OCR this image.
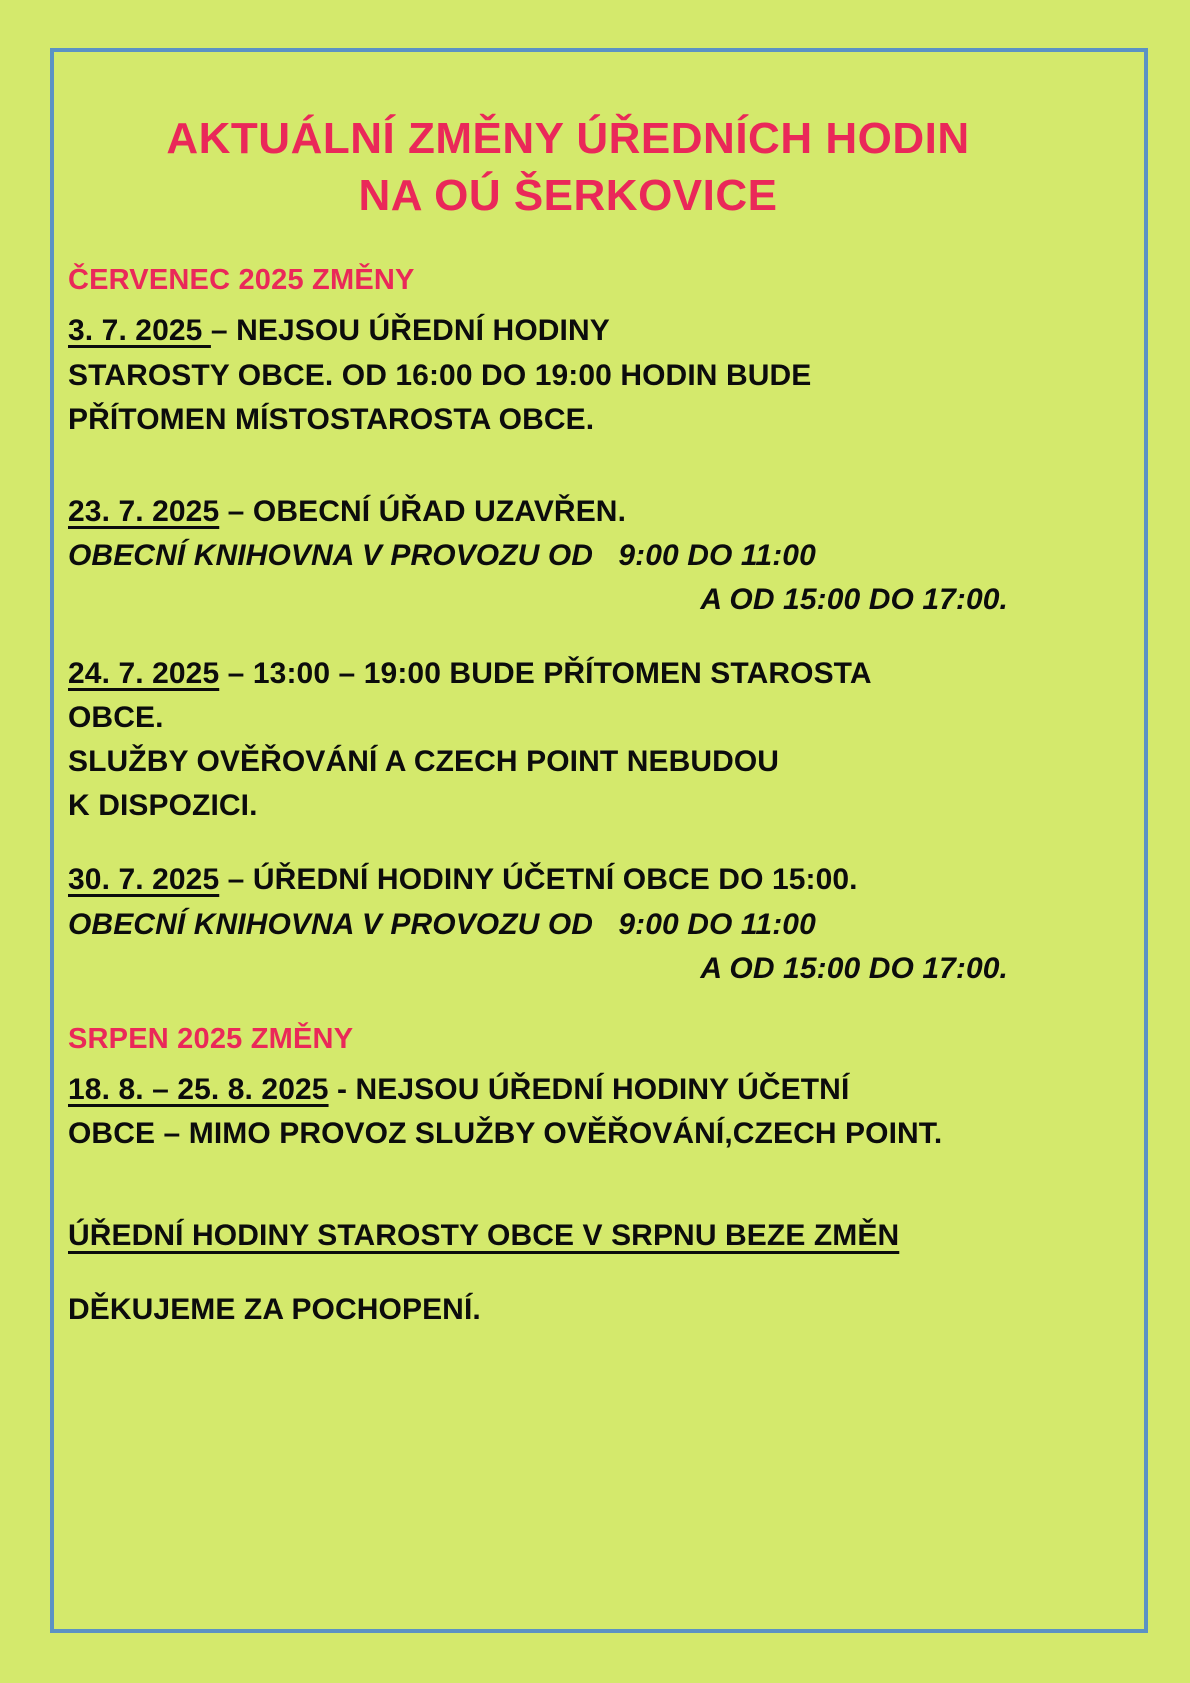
AKTUÁLNÍ ZMĚNY ÚŘEDNÍCH HODIN
NA OÚ ŠERKOVICE
ČERVENEC 2025 ZMĚNY

3. 7. 2025 – NEJSOU ÚŘEDNÍ HODINY

STAROSTY OBCE. OD 16:00 DO 19:00 HODIN BUDE

PŘÍTOMEN MÍSTOSTAROSTA OBCE.

23. 7. 2025 – OBECNÍ ÚŘAD UZAVŘEN.

OBECNÍ KNIHOVNA V PROVOZU OD   9:00 DO 11:00

A OD 15:00 DO 17:00.

24. 7. 2025 – 13:00 – 19:00 BUDE PŘÍTOMEN STAROSTA

OBCE.

SLUŽBY OVĚŘOVÁNÍ A CZECH POINT NEBUDOU

K DISPOZICI.

30. 7. 2025 – ÚŘEDNÍ HODINY ÚČETNÍ OBCE DO 15:00.

OBECNÍ KNIHOVNA V PROVOZU OD   9:00 DO 11:00

A OD 15:00 DO 17:00.

SRPEN 2025 ZMĚNY

18. 8. – 25. 8. 2025 - NEJSOU ÚŘEDNÍ HODINY ÚČETNÍ

OBCE – MIMO PROVOZ SLUŽBY OVĚŘOVÁNÍ,CZECH POINT.

ÚŘEDNÍ HODINY STAROSTY OBCE V SRPNU BEZE ZMĚN

DĚKUJEME ZA POCHOPENÍ.
